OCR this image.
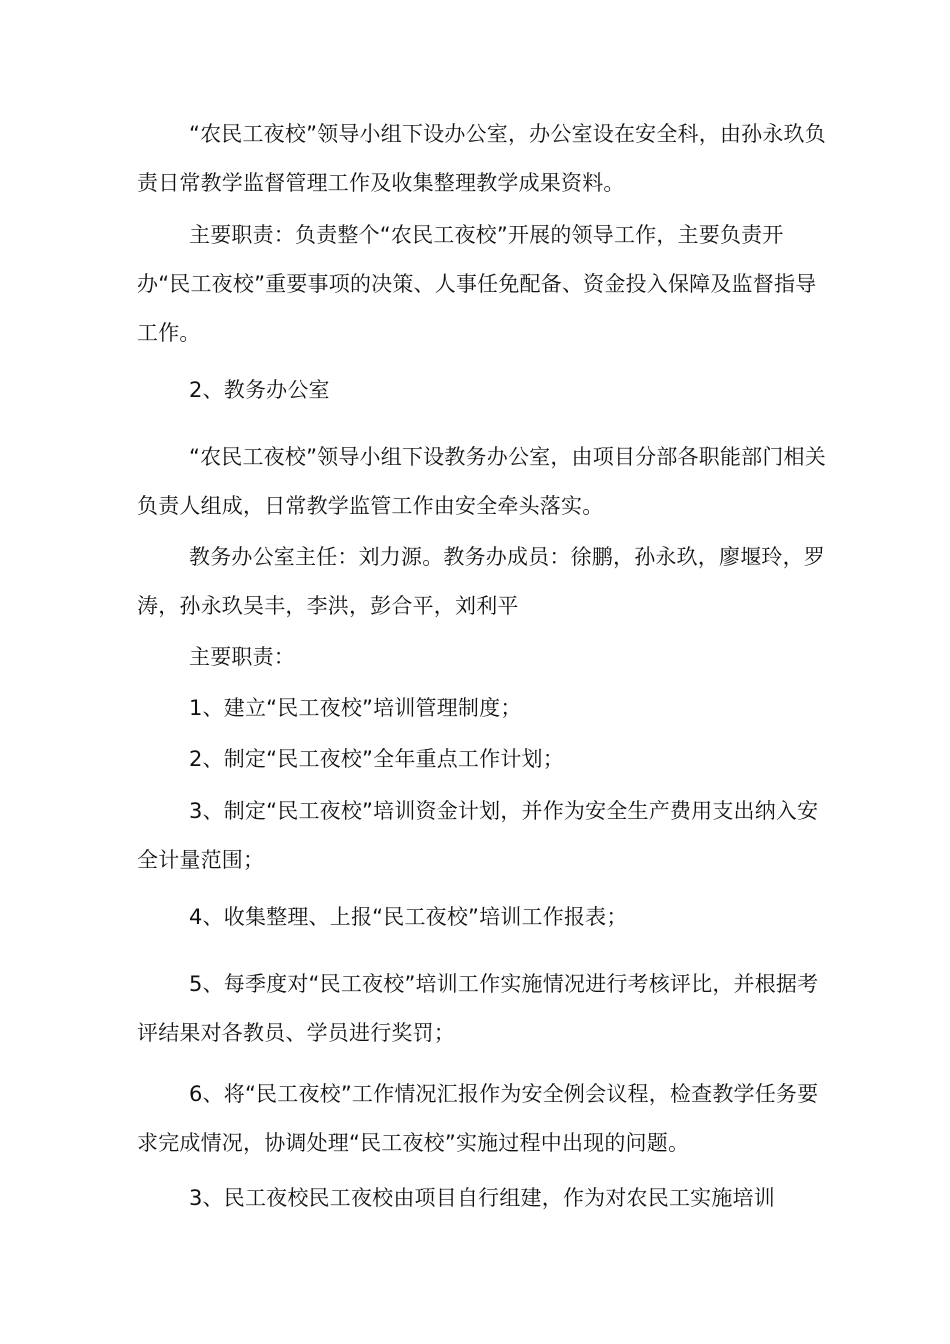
“农民工夜校”领导小组下设办公室，办公室设在安全科，由孙永玖负责日常教学监督管理工作及收集整理教学成果资料。

主要职责：负责整个“农民工夜校”开展的领导工作，主要负责开办“民工夜校”重要事项的决策、人事任免配备、资金投入保障及监督指导工作。

2、教务办公室

“农民工夜校”领导小组下设教务办公室，由项目分部各职能部门相关负责人组成，日常教学监管工作由安全牵头落实。

教务办公室主任：刘力源。教务办成员：徐鹏，孙永玖，廖堰玲，罗涛，孙永玖吴丰，李洪，彭合平，刘利平

主要职责：

1、建立“民工夜校”培训管理制度；

2、制定“民工夜校”全年重点工作计划；

3、制定“民工夜校”培训资金计划，并作为安全生产费用支出纳入安全计量范围；

4、收集整理、上报“民工夜校”培训工作报表；

5、每季度对“民工夜校”培训工作实施情况进行考核评比，并根据考评结果对各教员、学员进行奖罚；

6、将“民工夜校”工作情况汇报作为安全例会议程，检查教学任务要求完成情况，协调处理“民工夜校”实施过程中出现的问题。

3、民工夜校民工夜校由项目自行组建，作为对农民工实施培训
